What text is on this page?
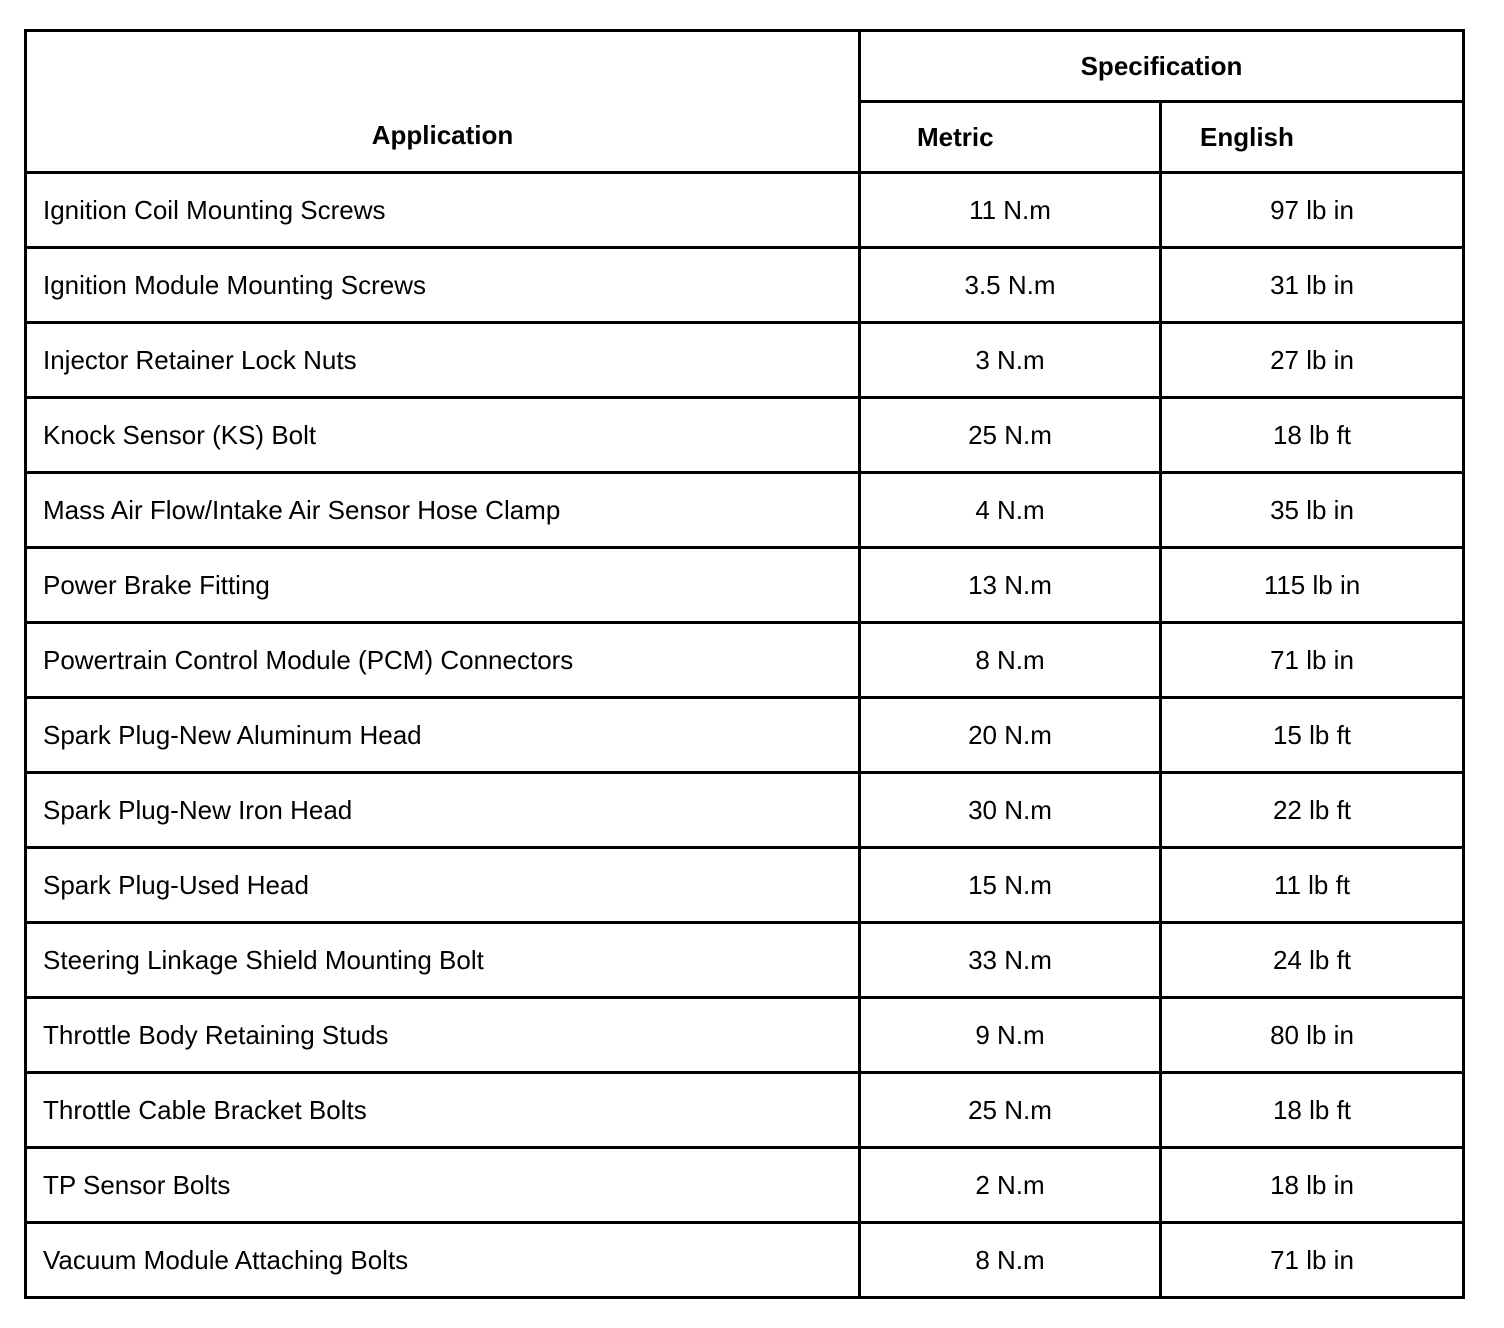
Application	Specification	
	Metric	English
Ignition Coil Mounting Screws	11 N.m	97 lb in
Ignition Module Mounting Screws	3.5 N.m	31 lb in
Injector Retainer Lock Nuts	3 N.m	27 lb in
Knock Sensor (KS) Bolt	25 N.m	18 lb ft
Mass Air Flow/Intake Air Sensor Hose Clamp	4 N.m	35 lb in
Power Brake Fitting	13 N.m	115 lb in
Powertrain Control Module (PCM) Connectors	8 N.m	71 lb in
Spark Plug-New Aluminum Head	20 N.m	15 lb ft
Spark Plug-New Iron Head	30 N.m	22 lb ft
Spark Plug-Used Head	15 N.m	11 lb ft
Steering Linkage Shield Mounting Bolt	33 N.m	24 lb ft
Throttle Body Retaining Studs	9 N.m	80 lb in
Throttle Cable Bracket Bolts	25 N.m	18 lb ft
TP Sensor Bolts	2 N.m	18 lb in
Vacuum Module Attaching Bolts	8 N.m	71 lb in
